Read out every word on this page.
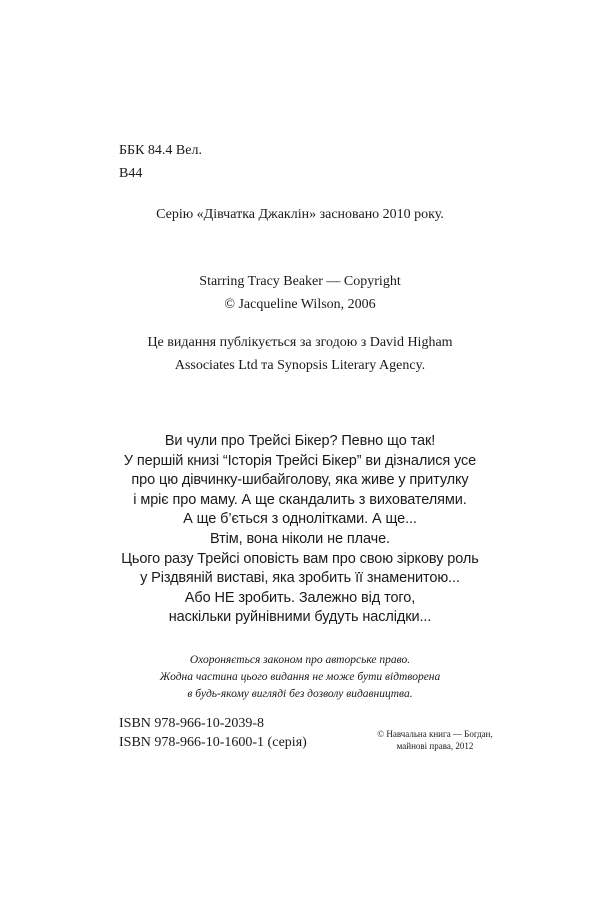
ББК 84.4 Вел.

В44

Серію «Дівчатка Джаклін» засновано 2010 року.

Starring Tracy Beaker — Copyright
© Jacqueline Wilson, 2006
Це видання публікується за згодою з David Higham
Associates Ltd та Synopsis Literary Agency.
Ви чули про Трейсі Бікер? Певно що так!
У першій книзі “Історія Трейсі Бікер” ви дізналися усе
про цю дівчинку-шибайголову, яка живе у притулку
і мріє про маму. А ще скандалить з вихователями.
А ще б’ється з однолітками. А ще...
Втім, вона ніколи не плаче.
Цього разу Трейсі оповість вам про свою зіркову роль
у Різдвяній виставі, яка зробить її знаменитою...
Або НЕ зробить. Залежно від того,
наскільки руйнівними будуть наслідки...
Охороняється законом про авторське право.
Жодна частина цього видання не може бути відтворена
в будь-якому вигляді без дозволу видавництва.
ISBN 978-966-10-2039-8
ISBN 978-966-10-1600-1 (серія)
© Навчальна книга — Богдан,
майнові права, 2012
